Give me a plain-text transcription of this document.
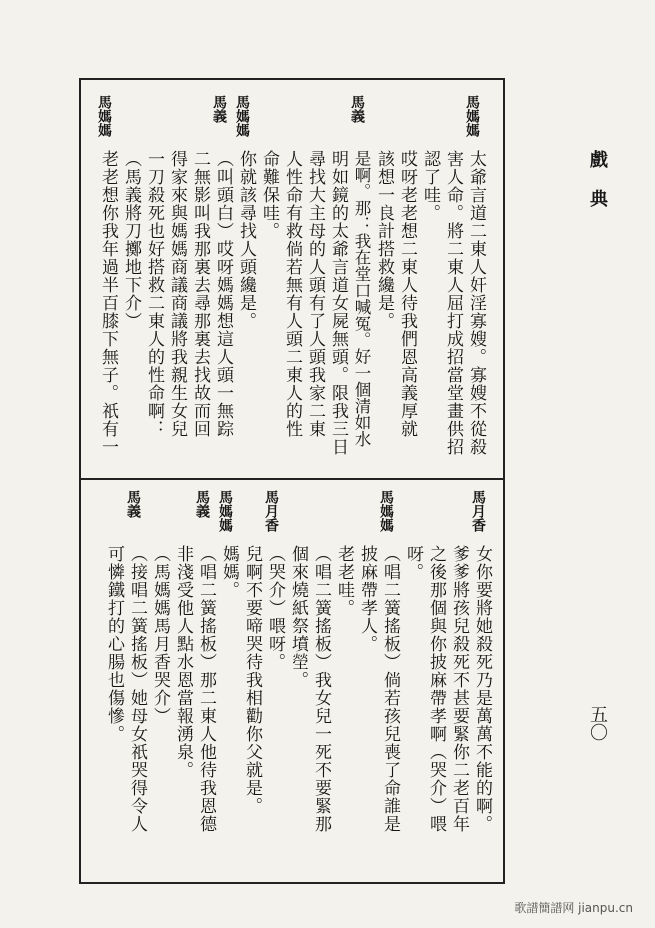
戲 典
五〇
馬媽媽
太爺言道二東人奸淫寡嫂。寡嫂不從殺
害人命。將二東人屈打成招當堂畫供招
認了哇。
哎呀老老想二東人待我們恩高義厚就
該想一良計搭救纔是。
馬義
是啊。那：我在堂口喊冤。好一個清如水
明如鏡的太爺言道女屍無頭。限我三日
尋找大主母的人頭有了人頭我家二東
人性命有救倘若無有人頭二東人的性
命難保哇。
馬媽媽
你就該尋找人頭纔是。
馬義
（叫頭白）哎呀媽媽想這人頭一無踪
二無影叫我那裏去尋那裏去找故而回
得家來與媽媽商議商議將我親生女兒
一刀殺死也好搭救二東人的性命啊：
（馬義將刀擲地下介）
馬媽媽
老老想你我年過半百膝下無子。祇有一
馬月香
女你要將她殺死乃是萬萬不能的啊。
爹爹將孩兒殺死不甚要緊你二老百年
之後那個與你披麻帶孝啊（哭介）喂
呀。
馬媽媽
（唱二簧搖板）倘若孩兒喪了命誰是
披麻帶孝人。
老老哇。
（唱二簧搖板）我女兒一死不要緊那
個來燒紙祭墳塋。
馬月香
（哭介）喂呀。
兒啊不要啼哭待我相勸你父就是。
馬媽媽
媽媽。
馬義
（唱二簧搖板）那二東人他待我恩德
非淺受他人點水恩當報湧泉。
（馬媽媽馬月香哭介）
馬義
（接唱二簧搖板）她母女祇哭得令人
可憐鐵打的心腸也傷慘。
歌譜簡譜网 jianpu.cn
